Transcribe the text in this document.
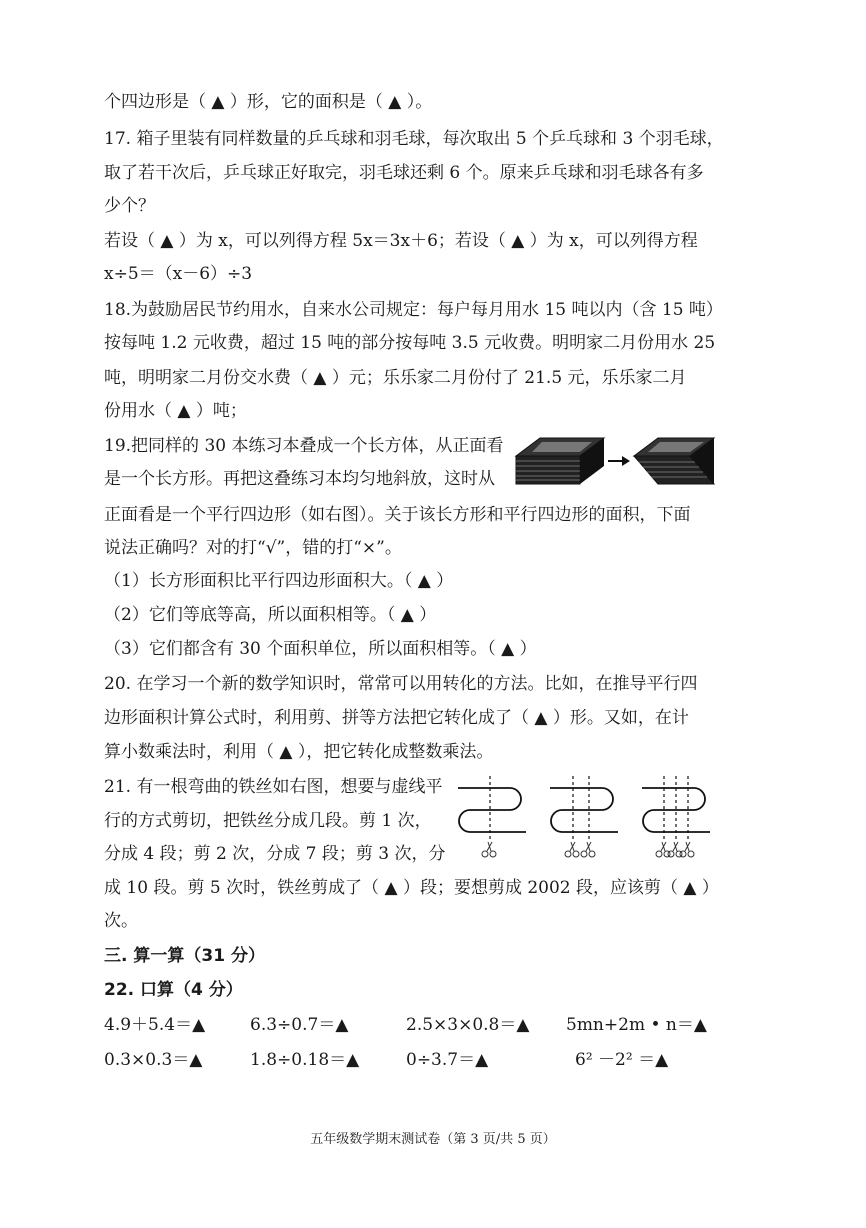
个四边形是（ ▲ ）形，它的面积是（ ▲ ）。
17. 箱子里装有同样数量的乒乓球和羽毛球，每次取出 5 个乒乓球和 3 个羽毛球，
取了若干次后，乒乓球正好取完，羽毛球还剩 6 个。原来乒乓球和羽毛球各有多
少个？
若设（ ▲ ）为 x，可以列得方程 5x＝3x＋6；若设（ ▲ ）为 x，可以列得方程
x÷5＝（x－6）÷3
18.为鼓励居民节约用水，自来水公司规定：每户每月用水 15 吨以内（含 15 吨）
按每吨 1.2 元收费，超过 15 吨的部分按每吨 3.5 元收费。明明家二月份用水 25
吨，明明家二月份交水费（ ▲ ）元；乐乐家二月份付了 21.5 元，乐乐家二月
份用水（ ▲ ）吨；
19.把同样的 30 本练习本叠成一个长方体，从正面看
是一个长方形。再把这叠练习本均匀地斜放，这时从
正面看是一个平行四边形（如右图）。关于该长方形和平行四边形的面积，下面
说法正确吗？对的打“√”，错的打“×”。
（1）长方形面积比平行四边形面积大。（ ▲ ）
（2）它们等底等高，所以面积相等。（ ▲ ）
（3）它们都含有 30 个面积单位，所以面积相等。（ ▲ ）
20. 在学习一个新的数学知识时，常常可以用转化的方法。比如，在推导平行四
边形面积计算公式时，利用剪、拼等方法把它转化成了（ ▲ ）形。又如，在计
算小数乘法时，利用（ ▲ ），把它转化成整数乘法。
21. 有一根弯曲的铁丝如右图，想要与虚线平
行的方式剪切，把铁丝分成几段。剪 1 次，
分成 4 段；剪 2 次，分成 7 段；剪 3 次，分
成 10 段。剪 5 次时，铁丝剪成了（ ▲ ）段；要想剪成 2002 段，应该剪（ ▲ ）
次。
三. 算一算（31 分）
22. 口算（4 分）
4.9＋5.4＝▲	6.3÷0.7＝▲	2.5×3×0.8＝▲ 5mn+2m • n＝▲
0.3×0.3＝▲	1.8÷0.18＝▲	0÷3.7＝▲	6² －2² ＝▲
五年级数学期末测试卷（第 3 页/共 5 页）
